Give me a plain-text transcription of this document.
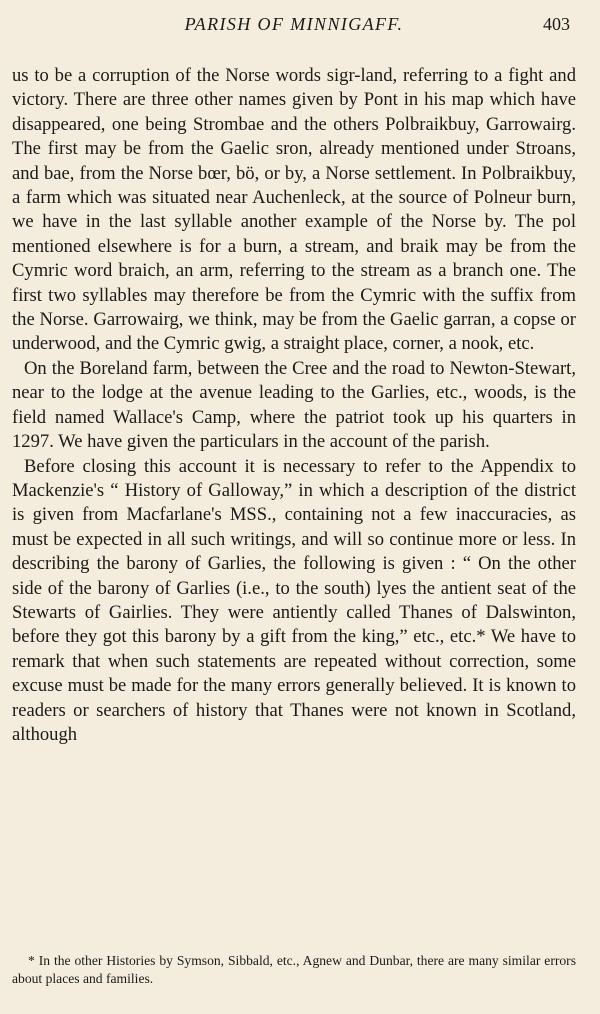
PARISH OF MINNIGAFF.	403

us to be a corruption of the Norse words sigr-land, referring to a fight and victory. There are three other names given by Pont in his map which have disappeared, one being Strombae and the others Polbraikbuy, Garrowairg. The first may be from the Gaelic sron, already mentioned under Stroans, and bae, from the Norse bœr, bö, or by, a Norse settlement. In Polbraikbuy, a farm which was situated near Auchenleck, at the source of Polneur burn, we have in the last syllable another example of the Norse by. The pol mentioned elsewhere is for a burn, a stream, and braik may be from the Cymric word braich, an arm, referring to the stream as a branch one. The first two syllables may therefore be from the Cymric with the suffix from the Norse. Garrowairg, we think, may be from the Gaelic garran, a copse or underwood, and the Cymric gwig, a straight place, corner, a nook, etc.

On the Boreland farm, between the Cree and the road to Newton-Stewart, near to the lodge at the avenue leading to the Garlies, etc., woods, is the field named Wallace's Camp, where the patriot took up his quarters in 1297. We have given the particulars in the account of the parish.

Before closing this account it is necessary to refer to the Appendix to Mackenzie's “ History of Galloway,” in which a description of the district is given from Macfarlane's MSS., containing not a few inaccuracies, as must be expected in all such writings, and will so continue more or less. In describing the barony of Garlies, the following is given : “ On the other side of the barony of Garlies (i.e., to the south) lyes the antient seat of the Stewarts of Gairlies. They were antiently called Thanes of Dalswinton, before they got this barony by a gift from the king,” etc., etc.* We have to remark that when such statements are repeated without correction, some excuse must be made for the many errors generally believed. It is known to readers or searchers of history that Thanes were not known in Scotland, although

* In the other Histories by Symson, Sibbald, etc., Agnew and Dunbar, there are many similar errors about places and families.
